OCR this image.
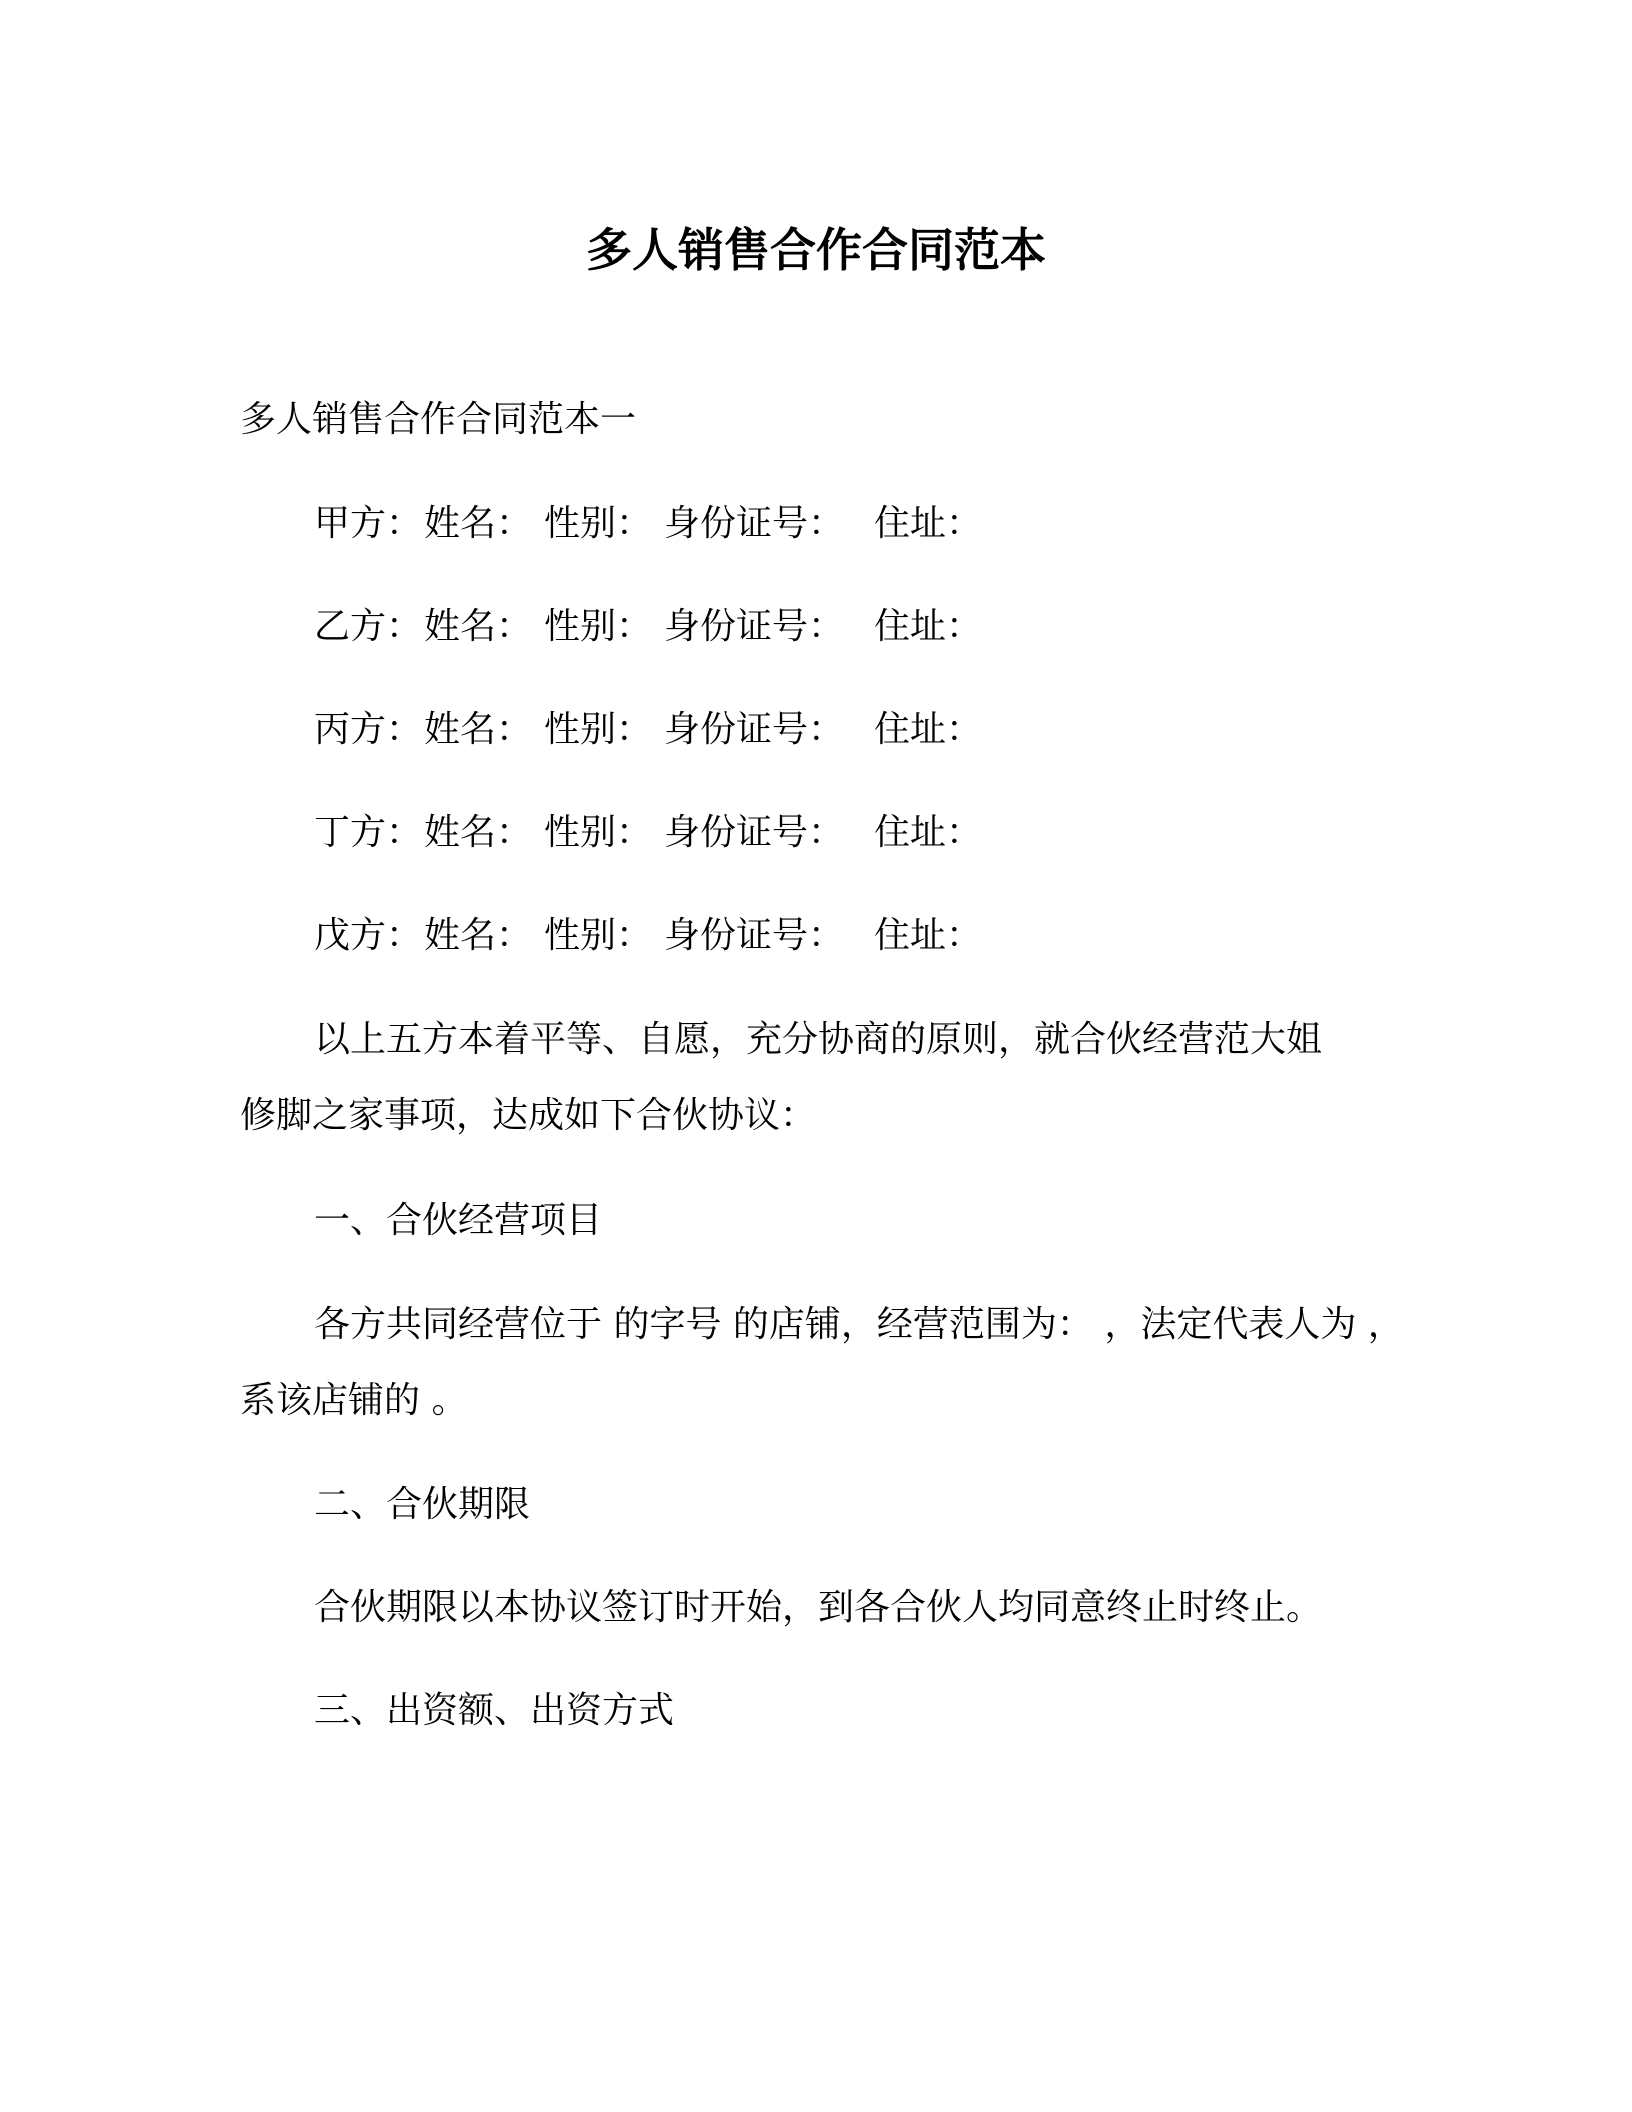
多人销售合作合同范本
多人销售合作合同范本一
甲方：姓名： 性别： 身份证号： 住址：
乙方：姓名： 性别： 身份证号： 住址：
丙方：姓名： 性别： 身份证号： 住址：
丁方：姓名： 性别： 身份证号： 住址：
戊方：姓名： 性别： 身份证号： 住址：
以上五方本着平等、自愿，充分协商的原则，就合伙经营范大姐
修脚之家事项，达成如下合伙协议：
一、合伙经营项目
各方共同经营位于 的字号 的店铺，经营范围为： ，法定代表人为 ，
系该店铺的 。
二、合伙期限
合伙期限以本协议签订时开始，到各合伙人均同意终止时终止。
三、出资额、出资方式
